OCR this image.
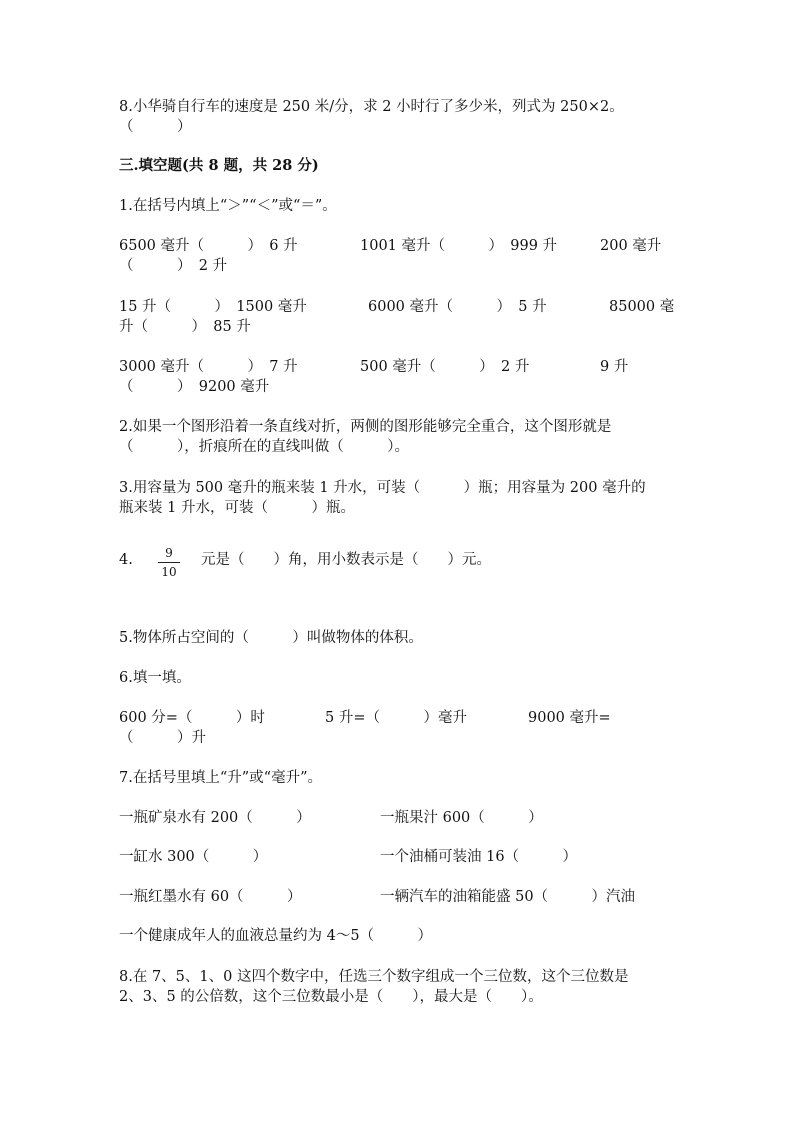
8.小华骑自行车的速度是 250 米/分，求 2 小时行了多少米，列式为 250×2。
（　　　）
三.填空题(共 8 题，共 28 分)
1.在括号内填上“＞”“＜”或“＝”。
6500 毫升（　　　）　6 升	1001 毫升（　　　）　999 升	200 毫升
（　　　）　2 升
15 升（　　　）　1500 毫升	6000 毫升（　　　）　5 升	85000 毫
升（　　　）　85 升
3000 毫升（　　　）　7 升	500 毫升（　　　）　2 升	9 升
（　　　）　9200 毫升
2.如果一个图形沿着一条直线对折，两侧的图形能够完全重合，这个图形就是
（　　　），折痕所在的直线叫做（　　　）。
3.用容量为 500 毫升的瓶来装 1 升水，可装（　　　）瓶；用容量为 200 毫升的
瓶来装 1 升水，可装（　　　）瓶。
4.	9
10
元是（　　）角，用小数表示是（　　）元。
5.物体所占空间的（　　　）叫做物体的体积。
6.填一填。
600 分=（　　　）时	5 升=（　　　）毫升	9000 毫升=
（　　　）升
7.在括号里填上“升”或“毫升”。
一瓶矿泉水有 200（　　　）	一瓶果汁 600（　　　）
一缸水 300（　　　）	一个油桶可装油 16（　　　）
一瓶红墨水有 60（　　　）	一辆汽车的油箱能盛 50（　　　）汽油
一个健康成年人的血液总量约为 4～5（　　　）
8.在 7、5、1、0 这四个数字中，任选三个数字组成一个三位数，这个三位数是
2、3、5 的公倍数，这个三位数最小是（　　），最大是（　　）。
